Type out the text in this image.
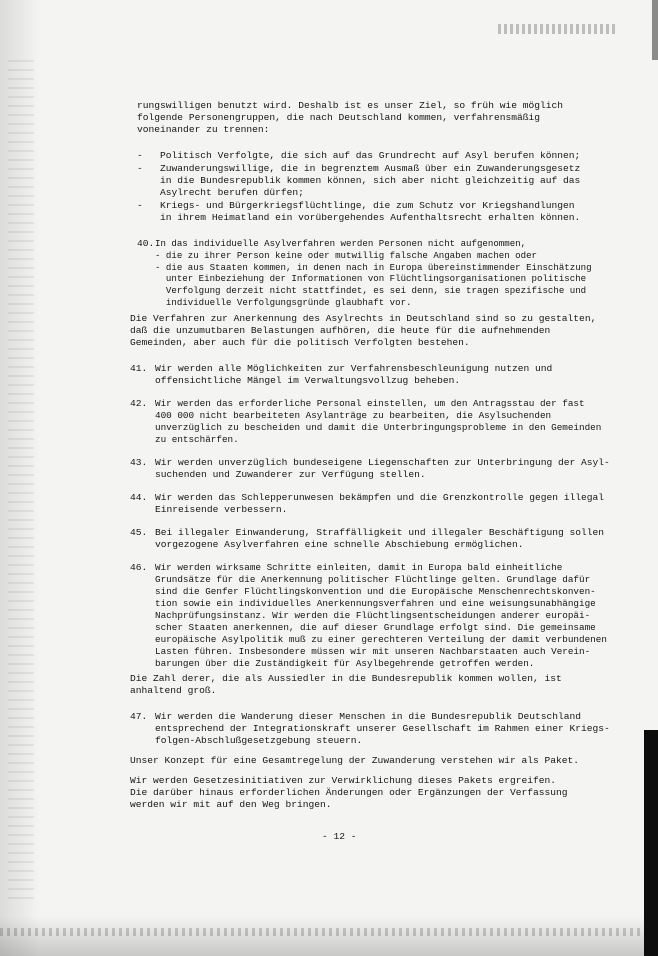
rungswilligen benutzt wird. Deshalb ist es unser Ziel, so früh wie möglich
folgende Personengruppen, die nach Deutschland kommen, verfahrensmäßig
voneinander zu trennen:
- Politisch Verfolgte, die sich auf das Grundrecht auf Asyl berufen können;
- Zuwanderungswillige, die in begrenztem Ausmaß über ein Zuwanderungsgesetz
in die Bundesrepublik kommen können, sich aber nicht gleichzeitig auf das
Asylrecht berufen dürfen;
- Kriegs- und Bürgerkriegsflüchtlinge, die zum Schutz vor Kriegshandlungen
in ihrem Heimatland ein vorübergehendes Aufenthaltsrecht erhalten können.
40. In das individuelle Asylverfahren werden Personen nicht aufgenommen,
- die zu ihrer Person keine oder mutwillig falsche Angaben machen oder
- die aus Staaten kommen, in denen nach in Europa übereinstimmender Einschätzung
unter Einbeziehung der Informationen von Flüchtlingsorganisationen politische
Verfolgung derzeit nicht stattfindet, es sei denn, sie tragen spezifische und
individuelle Verfolgungsgründe glaubhaft vor.
Die Verfahren zur Anerkennung des Asylrechts in Deutschland sind so zu gestalten,
daß die unzumutbaren Belastungen aufhören, die heute für die aufnehmenden
Gemeinden, aber auch für die politisch Verfolgten bestehen.
41. Wir werden alle Möglichkeiten zur Verfahrensbeschleunigung nutzen und
offensichtliche Mängel im Verwaltungsvollzug beheben.
42. Wir werden das erforderliche Personal einstellen, um den Antragsstau der fast
400 000 nicht bearbeiteten Asylanträge zu bearbeiten, die Asylsuchenden
unverzüglich zu bescheiden und damit die Unterbringungsprobleme in den Gemeinden
zu entschärfen.
43. Wir werden unverzüglich bundeseigene Liegenschaften zur Unterbringung der Asyl-
suchenden und Zuwanderer zur Verfügung stellen.
44. Wir werden das Schlepperunwesen bekämpfen und die Grenzkontrolle gegen illegal
Einreisende verbessern.
45. Bei illegaler Einwanderung, Straffälligkeit und illegaler Beschäftigung sollen
vorgezogene Asylverfahren eine schnelle Abschiebung ermöglichen.
46. Wir werden wirksame Schritte einleiten, damit in Europa bald einheitliche
Grundsätze für die Anerkennung politischer Flüchtlinge gelten. Grundlage dafür
sind die Genfer Flüchtlingskonvention und die Europäische Menschenrechtskonven-
tion sowie ein individuelles Anerkennungsverfahren und eine weisungsunabhängige
Nachprüfungsinstanz. Wir werden die Flüchtlingsentscheidungen anderer europäi-
scher Staaten anerkennen, die auf dieser Grundlage erfolgt sind. Die gemeinsame
europäische Asylpolitik muß zu einer gerechteren Verteilung der damit verbundenen
Lasten führen. Insbesondere müssen wir mit unseren Nachbarstaaten auch Verein-
barungen über die Zuständigkeit für Asylbegehrende getroffen werden.
Die Zahl derer, die als Aussiedler in die Bundesrepublik kommen wollen, ist
anhaltend groß.
47. Wir werden die Wanderung dieser Menschen in die Bundesrepublik Deutschland
entsprechend der Integrationskraft unserer Gesellschaft im Rahmen einer Kriegs-
folgen-Abschlußgesetzgebung steuern.
Unser Konzept für eine Gesamtregelung der Zuwanderung verstehen wir als Paket.
Wir werden Gesetzesinitiativen zur Verwirklichung dieses Pakets ergreifen.
Die darüber hinaus erforderlichen Änderungen oder Ergänzungen der Verfassung
werden wir mit auf den Weg bringen.
- 12 -
